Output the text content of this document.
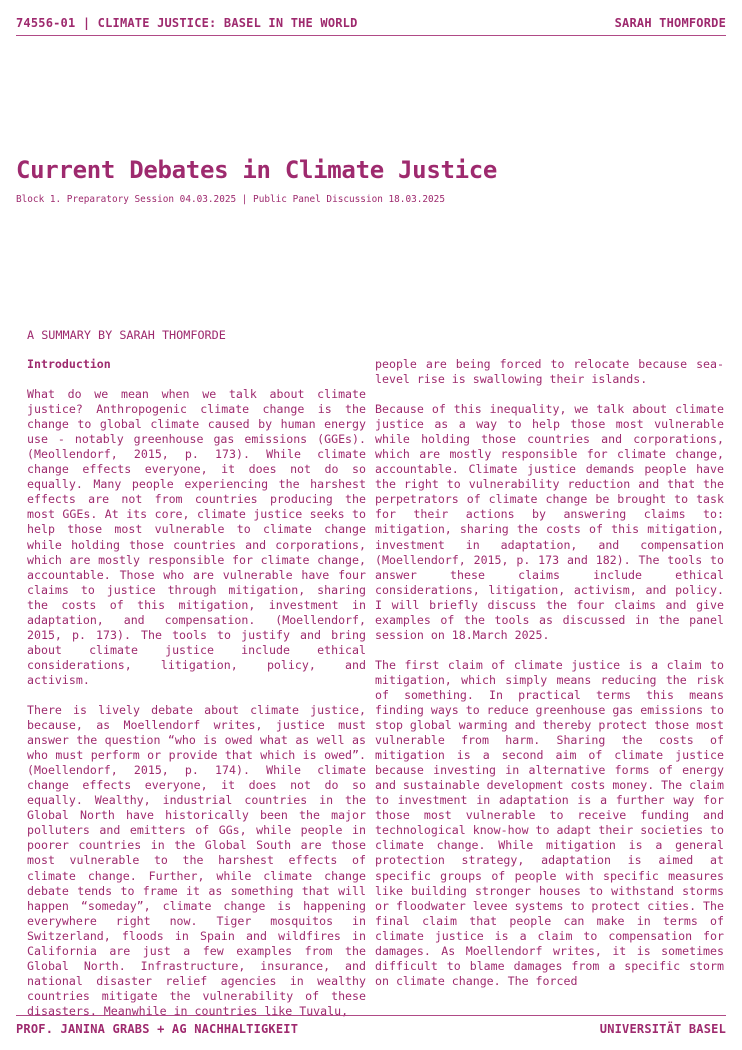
74556-01 | CLIMATE JUSTICE: BASEL IN THE WORLD	SARAH THOMFORDE
Current Debates in Climate Justice
Block 1. Preparatory Session 04.03.2025 | Public Panel Discussion 18.03.2025
A SUMMARY BY SARAH THOMFORDE
Introduction

What do we mean when we talk about climate justice? Anthropogenic climate change is the change to global climate caused by human energy use - notably greenhouse gas emissions (GGEs). (Meollendorf, 2015, p. 173). While climate change effects everyone, it does not do so equally. Many people experiencing the harshest effects are not from countries producing the most GGEs. At its core, climate justice seeks to help those most vulnerable to climate change while holding those countries and corporations, which are mostly responsible for climate change, accountable. Those who are vulnerable have four claims to justice through mitigation, sharing the costs of this mitigation, investment in adaptation, and compensation. (Moellendorf, 2015, p. 173). The tools to justify and bring about climate justice include ethical considerations, litigation, policy, and activism.

There is lively debate about climate justice, because, as Moellendorf writes, justice must answer the question “who is owed what as well as who must perform or provide that which is owed”. (Moellendorf, 2015, p. 174). While climate change effects everyone, it does not do so equally. Wealthy, industrial countries in the Global North have historically been the major polluters and emitters of GGs, while people in poorer countries in the Global South are those most vulnerable to the harshest effects of climate change. Further, while climate change debate tends to frame it as something that will happen “someday”, climate change is happening everywhere right now. Tiger mosquitos in Switzerland, floods in Spain and wildfires in California are just a few examples from the Global North. Infrastructure, insurance, and national disaster relief agencies in wealthy countries mitigate the vulnerability of these disasters. Meanwhile in countries like Tuvalu,

people are being forced to relocate because sea-level rise is swallowing their islands.

Because of this inequality, we talk about climate justice as a way to help those most vulnerable while holding those countries and corporations, which are mostly responsible for climate change, accountable. Climate justice demands people have the right to vulnerability reduction and that the perpetrators of climate change be brought to task for their actions by answering claims to: mitigation, sharing the costs of this mitigation, investment in adaptation, and compensation (Moellendorf, 2015, p. 173 and 182). The tools to answer these claims include ethical considerations, litigation, activism, and policy. I will briefly discuss the four claims and give examples of the tools as discussed in the panel session on 18.March 2025.

The first claim of climate justice is a claim to mitigation, which simply means reducing the risk of something. In practical terms this means finding ways to reduce greenhouse gas emissions to stop global warming and thereby protect those most vulnerable from harm. Sharing the costs of mitigation is a second aim of climate justice because investing in alternative forms of energy and sustainable development costs money. The claim to investment in adaptation is a further way for those most vulnerable to receive funding and technological know-how to adapt their societies to climate change. While mitigation is a general protection strategy, adaptation is aimed at specific groups of people with specific measures like building stronger houses to withstand storms or floodwater levee systems to protect cities. The final claim that people can make in terms of climate justice is a claim to compensation for damages. As Moellendorf writes, it is sometimes difficult to blame damages from a specific storm on climate change. The forced

PROF. JANINA GRABS + AG NACHHALTIGKEIT	UNIVERSITÄT BASEL
